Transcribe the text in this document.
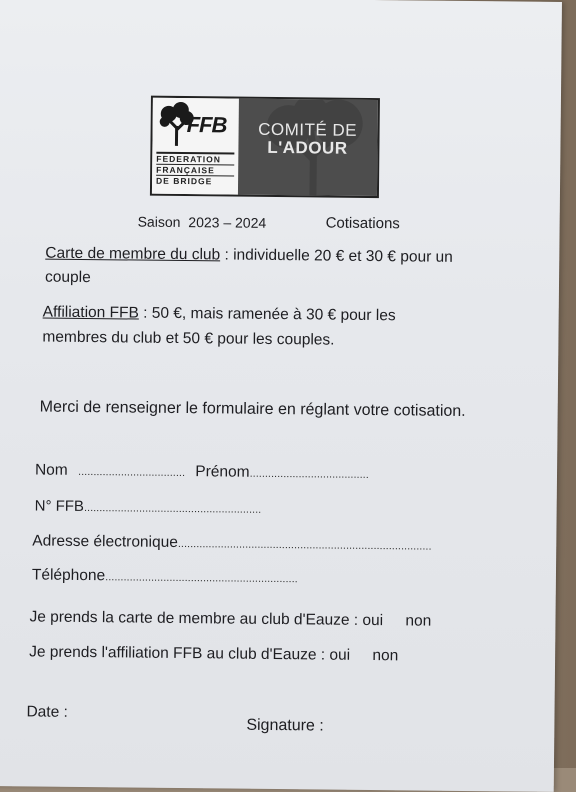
FFB
FEDERATION
FRANÇAISE
DE BRIDGE
COMITÉ DE
L'ADOUR
Saison 2023 – 2024	Cotisations
Carte de membre du club : individuelle 20 € et 30 € pour un
couple
Affiliation FFB : 50 €, mais ramenée à 30 € pour les
membres du club et 50 € pour les couples.
Merci de renseigner le formulaire en réglant votre cotisation.
Nom ................................... Prénom.......................................
N° FFB..........................................................
Adresse électronique...................................................................................
Téléphone...............................................................
Je prends la carte de membre au club d'Eauze : oui non
Je prends l'affiliation FFB au club d'Eauze : oui non
Date :
Signature :
